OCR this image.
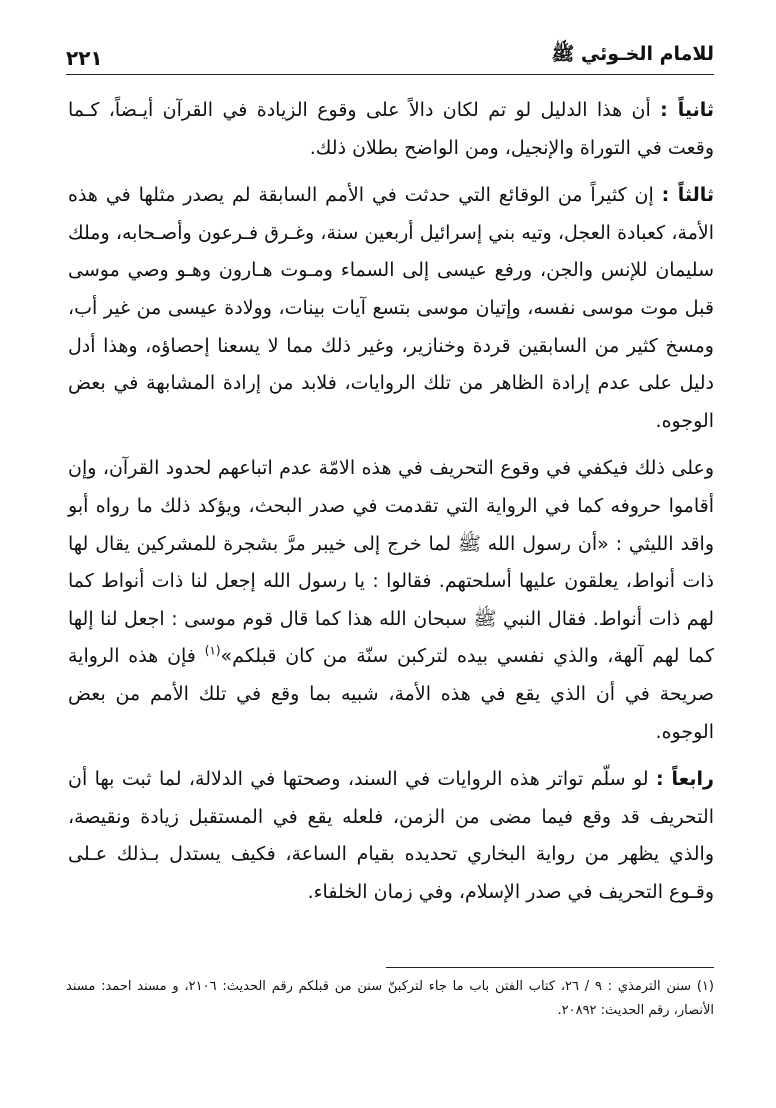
للامام الخـوئي ﷺ
٢٢١

ثانياً : أن هذا الدليل لو تم لكان دالاً على وقوع الزيادة في القرآن أيـضاً، كـما وقعت في التوراة والإنجيل، ومن الواضح بطلان ذلك.

ثالثاً : إن كثيراً من الوقائع التي حدثت في الأمم السابقة لم يصدر مثلها في هذه الأمة، كعبادة العجل، وتيه بني إسرائيل أربعين سنة، وغـرق فـرعون وأصـحابه، وملك سليمان للإنس والجن، ورفع عيسى إلى السماء ومـوت هـارون وهـو وصي موسى قبل موت موسى نفسه، وإتيان موسى بتسع آيات بينات، وولادة عيسى من غير أب، ومسخ كثير من السابقين قردة وخنازير، وغير ذلك مما لا يسعنا إحصاؤه، وهذا أدل دليل على عدم إرادة الظاهر من تلك الروايات، فلابد من إرادة المشابهة في بعض الوجوه.

وعلى ذلك فيكفي في وقوع التحريف في هذه الامّة عدم اتباعهم لحدود القرآن، وإن أقاموا حروفه كما في الرواية التي تقدمت في صدر البحث، ويؤكد ذلك ما رواه أبو واقد الليثي : «أن رسول الله ﷺ لما خرج إلى خيبر مرَّ بشجرة للمشركين يقال لها ذات أنواط، يعلقون عليها أسلحتهم. فقالوا : يا رسول الله إجعل لنا ذات أنواط كما لهم ذات أنواط. فقال النبي ﷺ سبحان الله هذا كما قال قوم موسى : اجعل لنا إلها كما لهم آلهة، والذي نفسي بيده لتركبن سنّة من كان قبلكم»$^{(١)}$ فإن هذه الرواية صريحة في أن الذي يقع في هذه الأمة، شبيه بما وقع في تلك الأمم من بعض الوجوه.

رابعاً : لو سلّم تواتر هذه الروايات في السند، وصحتها في الدلالة، لما ثبت بها أن التحريف قد وقع فيما مضى من الزمن، فلعله يقع في المستقبل زيادة ونقيصة، والذي يظهر من رواية البخاري تحديده بقيام الساعة، فكيف يستدل بـذلك عـلى وقـوع التحريف في صدر الإسلام، وفي زمان الخلفاء.

(١) سنن الترمذي : ٩ / ٢٦، كتاب الفتن باب ما جاء لتركبنّ سنن من قبلكم رقم الحديث: ٢١٠٦، و مسند احمد: مسند الأنصار، رقم الحديث: ٢٠٨٩٢.
